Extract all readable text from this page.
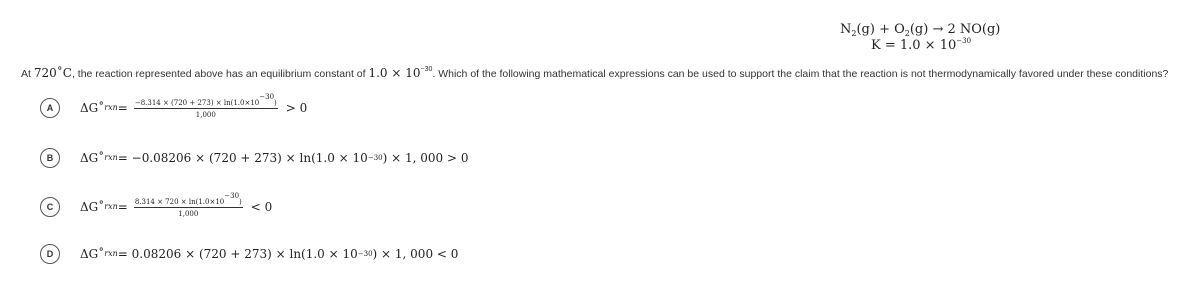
$N_2(g) + O_2(g) \to 2$ NO(g)
$K = 1.0 \times 10^{-30}$
At 720˚C, the reaction represented above has an equilibrium constant of $1.0 \times 10^{-30}$. Which of the following mathematical expressions can be used to support the claim that the reaction is not thermodynamically favored under these conditions?
A	ΔG˚ rxn = $\frac{-8.314 \times (720 + 273) \times \ln(1.0\times 10^{-30})}{1,000} > 0$
B	ΔG˚ rxn = −0.08206 × (720 + 273) × ln(1.0 × 10 −30 ) × 1, 000 > 0
C	ΔG˚ rxn = $\frac{8.314 \times 720 \times \ln(1.0\times 10^{-30})}{1,000} < 0$
D	ΔG˚ rxn = 0.08206 × (720 + 273) × ln(1.0 × 10 −30 ) × 1, 000 < 0
